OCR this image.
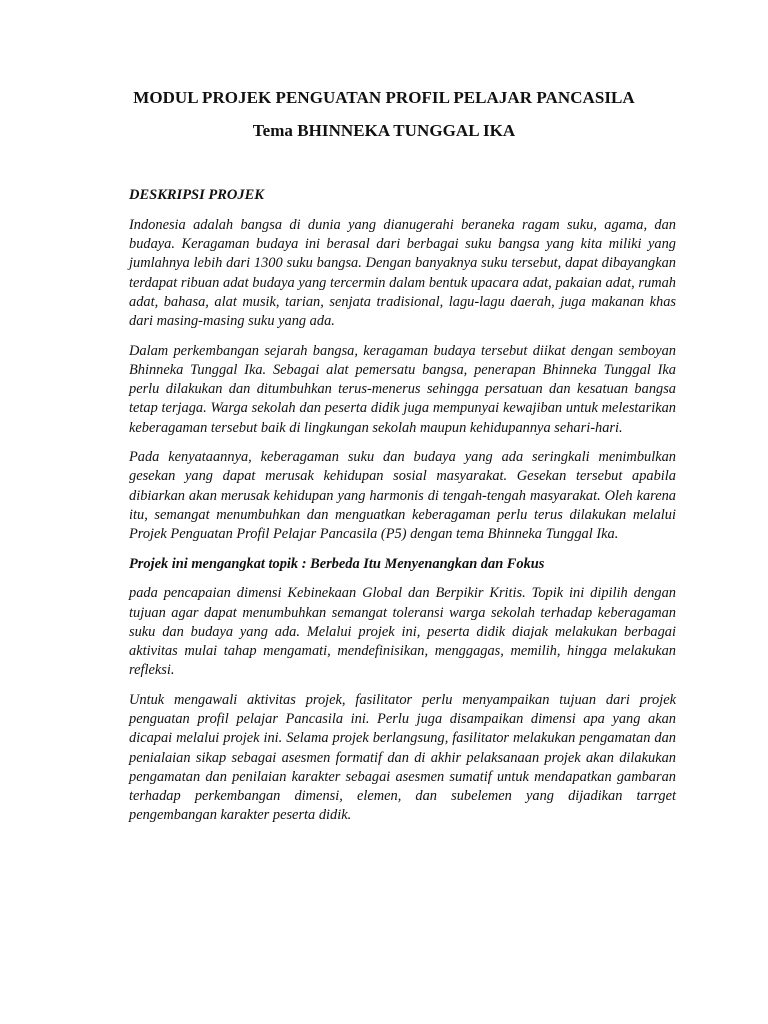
MODUL PROJEK PENGUATAN PROFIL PELAJAR PANCASILA
Tema BHINNEKA TUNGGAL IKA
DESKRIPSI PROJEK

Indonesia adalah bangsa di dunia yang dianugerahi beraneka ragam suku, agama, dan budaya. Keragaman budaya ini berasal dari berbagai suku bangsa yang kita miliki yang jumlahnya lebih dari 1300 suku bangsa. Dengan banyaknya suku tersebut, dapat dibayangkan terdapat ribuan adat budaya yang tercermin dalam bentuk upacara adat, pakaian adat, rumah adat, bahasa, alat musik, tarian, senjata tradisional, lagu-lagu daerah, juga makanan khas dari masing-masing suku yang ada.

Dalam perkembangan sejarah bangsa, keragaman budaya tersebut diikat dengan semboyan Bhinneka Tunggal Ika. Sebagai alat pemersatu bangsa, penerapan Bhinneka Tunggal Ika perlu dilakukan dan ditumbuhkan terus-menerus sehingga persatuan dan kesatuan bangsa tetap terjaga. Warga sekolah dan peserta didik juga mempunyai kewajiban untuk melestarikan keberagaman tersebut baik di lingkungan sekolah maupun kehidupannya sehari-hari.

Pada kenyataannya, keberagaman suku dan budaya yang ada seringkali menimbulkan gesekan yang dapat merusak kehidupan sosial masyarakat. Gesekan tersebut apabila dibiarkan akan merusak kehidupan yang harmonis di tengah-tengah masyarakat. Oleh karena itu, semangat menumbuhkan dan menguatkan keberagaman perlu terus dilakukan melalui Projek Penguatan Profil Pelajar Pancasila (P5) dengan tema Bhinneka Tunggal Ika.

Projek ini mengangkat topik : Berbeda Itu Menyenangkan dan Fokus

pada pencapaian dimensi Kebinekaan Global dan Berpikir Kritis. Topik ini dipilih dengan tujuan agar dapat menumbuhkan semangat toleransi warga sekolah terhadap keberagaman suku dan budaya yang ada. Melalui projek ini, peserta didik diajak melakukan berbagai aktivitas mulai tahap mengamati, mendefinisikan, menggagas, memilih, hingga melakukan refleksi.

Untuk mengawali aktivitas projek, fasilitator perlu menyampaikan tujuan dari projek penguatan profil pelajar Pancasila ini. Perlu juga disampaikan dimensi apa yang akan dicapai melalui projek ini. Selama projek berlangsung, fasilitator melakukan pengamatan dan penialaian sikap sebagai asesmen formatif dan di akhir pelaksanaan projek akan dilakukan pengamatan dan penilaian karakter sebagai asesmen sumatif untuk mendapatkan gambaran terhadap perkembangan dimensi, elemen, dan subelemen yang dijadikan tarrget pengembangan karakter peserta didik.
